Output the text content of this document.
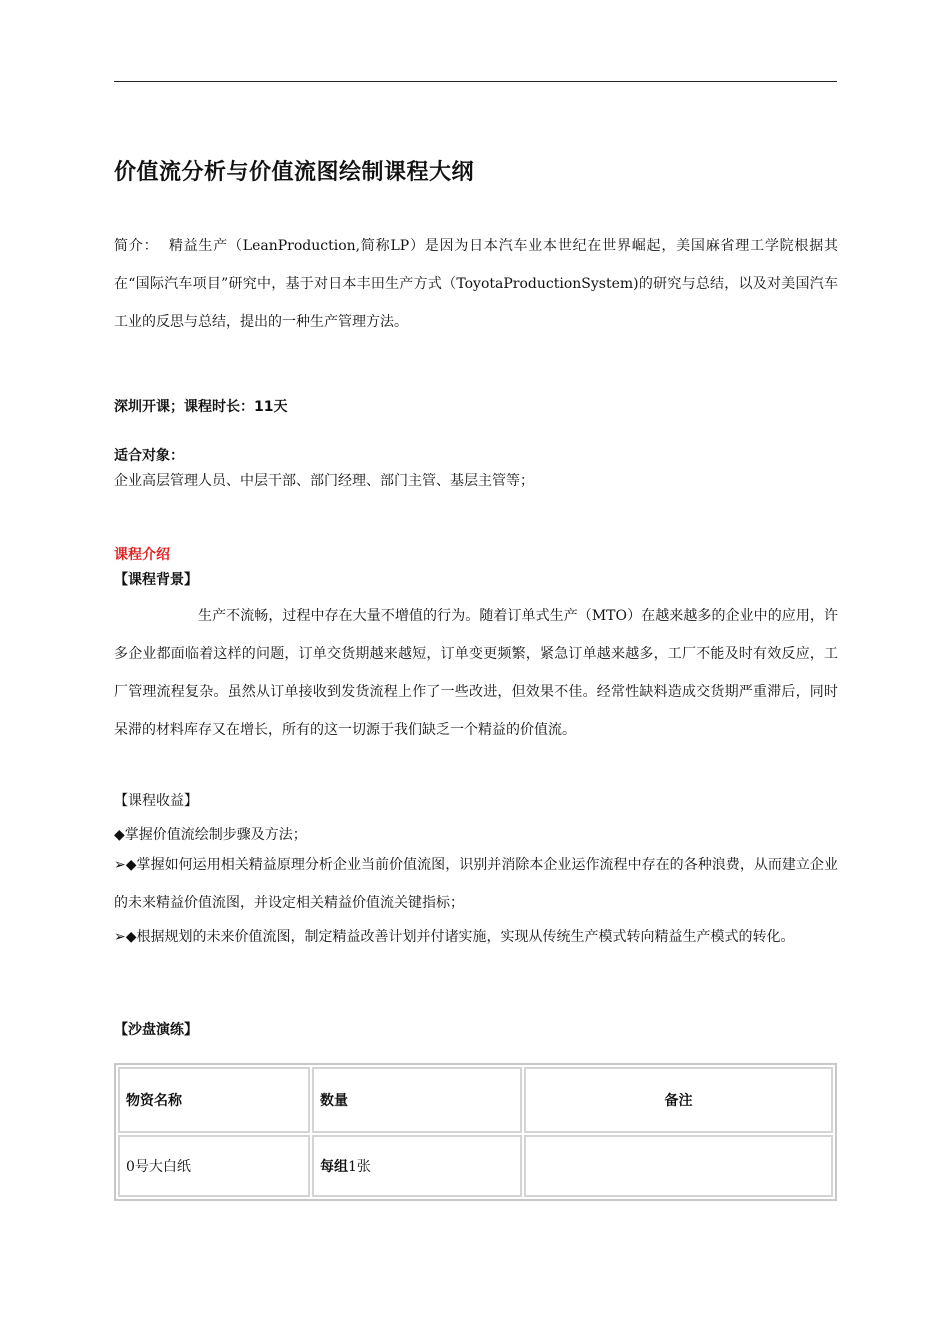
价值流分析与价值流图绘制课程大纲
简介： 精益生产（LeanProduction,简称LP）是因为日本汽车业本世纪在世界崛起，美国麻省理工学院根据其在“国际汽车项目”研究中，基于对日本丰田生产方式（ToyotaProductionSystem)的研究与总结，以及对美国汽车工业的反思与总结，提出的一种生产管理方法。
深圳开课；课程时长：11天
适合对象：
企业高层管理人员、中层干部、部门经理、部门主管、基层主管等；
课程介绍
【课程背景】
生产不流畅，过程中存在大量不增值的行为。随着订单式生产（MTO）在越来越多的企业中的应用，许多企业都面临着这样的问题，订单交货期越来越短，订单变更频繁，紧急订单越来越多，工厂不能及时有效反应，工厂管理流程复杂。虽然从订单接收到发货流程上作了一些改进，但效果不佳。经常性缺料造成交货期严重滞后，同时呆滞的材料库存又在增长，所有的这一切源于我们缺乏一个精益的价值流。
【课程收益】
◆掌握价值流绘制步骤及方法；
➢◆掌握如何运用相关精益原理分析企业当前价值流图，识别并消除本企业运作流程中存在的各种浪费，从而建立企业的未来精益价值流图，并设定相关精益价值流关键指标；
➢◆根据规划的未来价值流图，制定精益改善计划并付诸实施，实现从传统生产模式转向精益生产模式的转化。
【沙盘演练】
物资名称	数量	备注
0号大白纸	每组1张	
